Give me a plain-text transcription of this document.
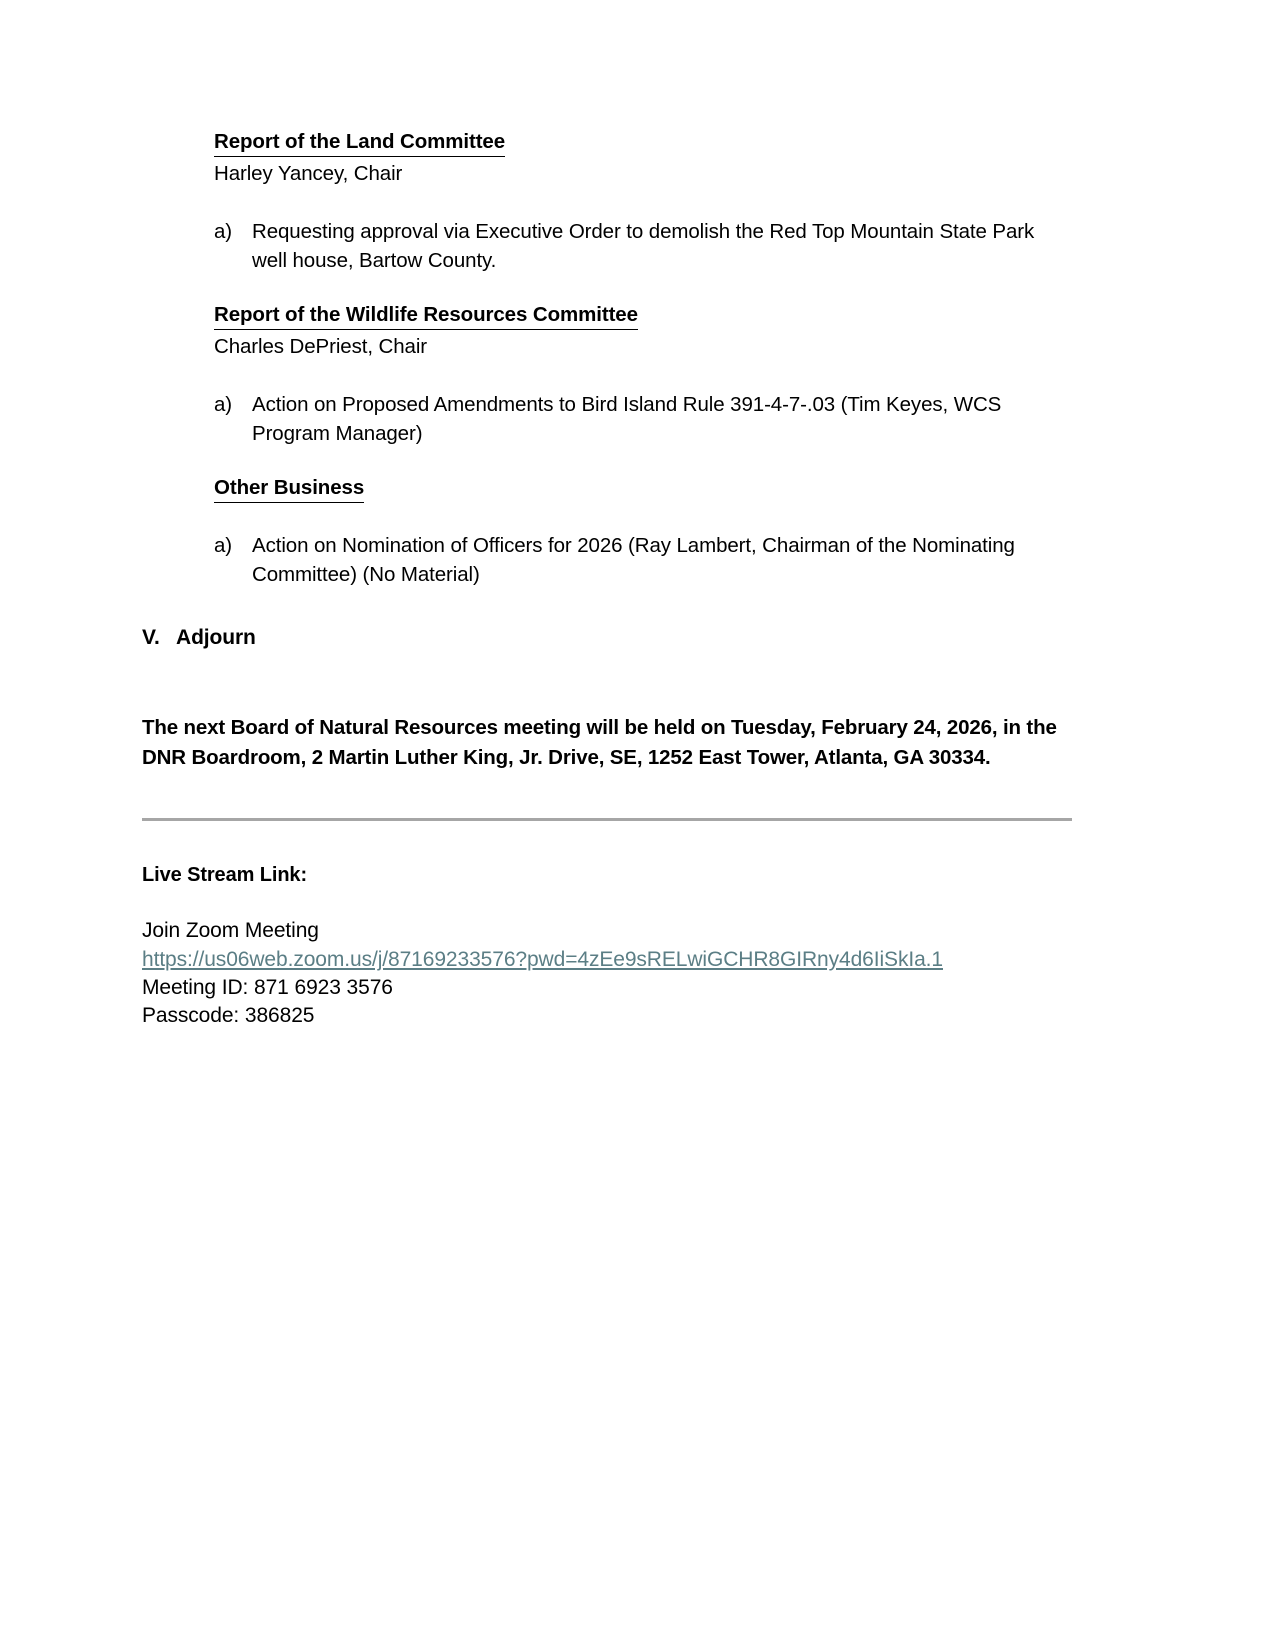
Report of the Land Committee
Harley Yancey, Chair
a) Requesting approval via Executive Order to demolish the Red Top Mountain State Park well house, Bartow County.
Report of the Wildlife Resources Committee
Charles DePriest, Chair
a) Action on Proposed Amendments to Bird Island Rule 391-4-7-.03 (Tim Keyes, WCS Program Manager)
Other Business
a) Action on Nomination of Officers for 2026 (Ray Lambert, Chairman of the Nominating Committee) (No Material)
V. Adjourn
The next Board of Natural Resources meeting will be held on Tuesday, February 24, 2026, in the DNR Boardroom, 2 Martin Luther King, Jr. Drive, SE, 1252 East Tower, Atlanta, GA 30334.
Live Stream Link:
Join Zoom Meeting
https://us06web.zoom.us/j/87169233576?pwd=4zEe9sRELwiGCHR8GIRny4d6IiSkIa.1
Meeting ID: 871 6923 3576
Passcode: 386825
